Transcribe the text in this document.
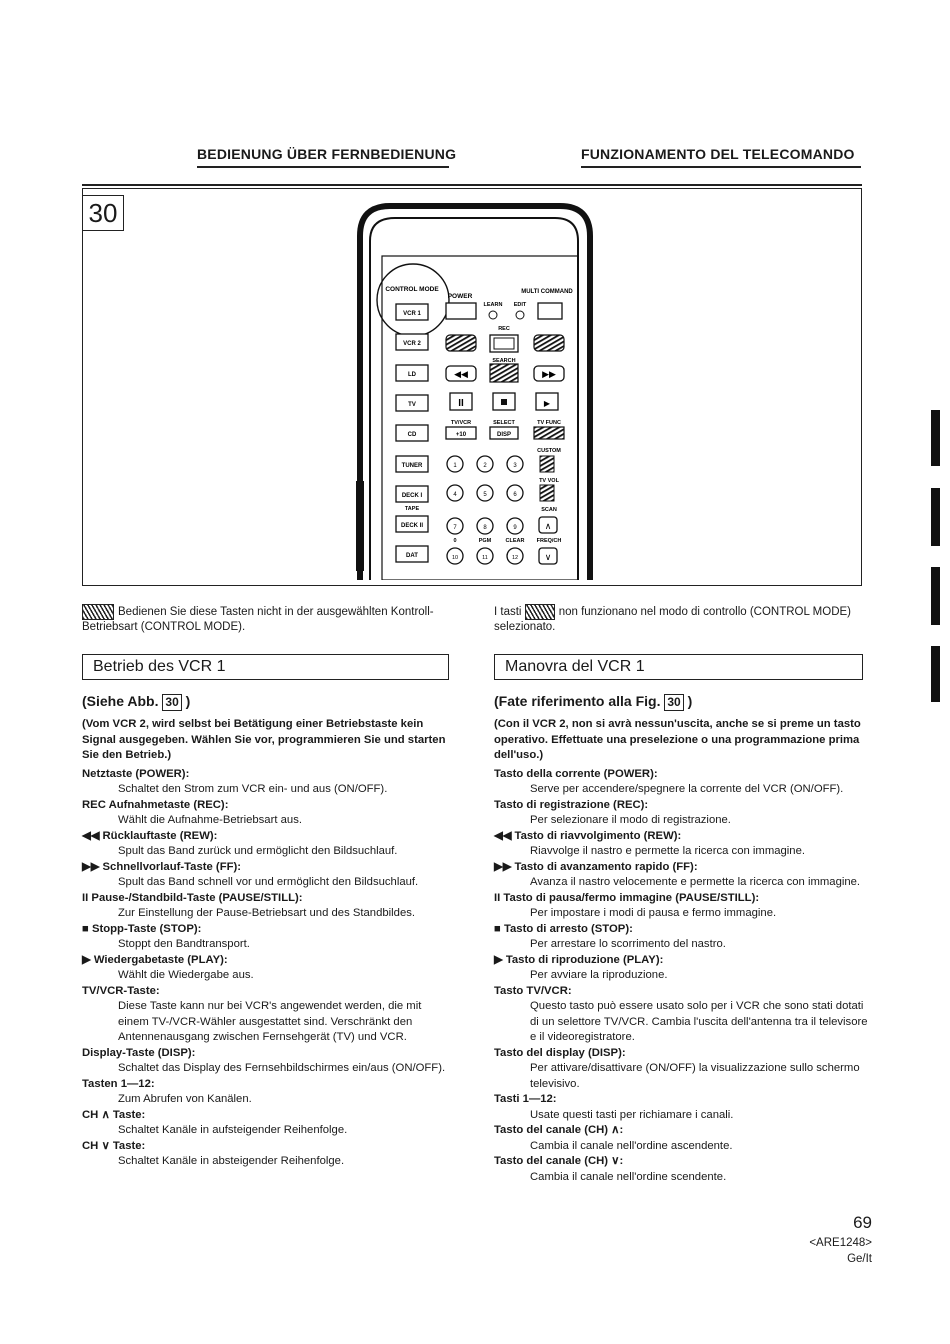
BEDIENUNG ÜBER FERNBEDIENUNG	FUNZIONAMENTO DEL TELECOMANDO
30
CONTROL MODE
POWER
MULTI COMMAND
LEARN EDIT
VCR 1
VCR 2
LD
TV
CD
TUNER
DECK I
TAPE
DECK II
DAT
REC
SEARCH
◀◀	▶▶
II	▶
TV/VCR	SELECT	TV FUNC
+10	DISP
CUSTOM
1	2	3
4	5	6
7	8	9
10	11	12
TV VOL
SCAN
∧
0	PGM	CLEAR FREQ/CH
∨
Bedienen Sie diese Tasten nicht in der ausgewählten Kontroll-Betriebsart (CONTROL MODE).
I tasti	non funzionano nel modo di controllo (CONTROL MODE) selezionato.
Betrieb des VCR 1	Manovra del VCR 1
(Siehe Abb. 30 )
(Vom VCR 2, wird selbst bei Betätigung einer Betriebstaste kein Signal ausgegeben. Wählen Sie vor, programmieren Sie und starten Sie den Betrieb.)
Netztaste (POWER):
Schaltet den Strom zum VCR ein- und aus (ON/OFF).
REC Aufnahmetaste (REC):
Wählt die Aufnahme-Betriebsart aus.
◀◀ Rücklauftaste (REW):
Spult das Band zurück und ermöglicht den Bildsuchlauf.
▶▶ Schnellvorlauf-Taste (FF):
Spult das Band schnell vor und ermöglicht den Bildsuchlauf.
II Pause-/Standbild-Taste (PAUSE/STILL):
Zur Einstellung der Pause-Betriebsart und des Standbildes.
■ Stopp-Taste (STOP):
Stoppt den Bandtransport.
▶ Wiedergabetaste (PLAY):
Wählt die Wiedergabe aus.
TV/VCR-Taste:
Diese Taste kann nur bei VCR's angewendet werden, die mit einem TV-/VCR-Wähler ausgestattet sind. Verschränkt den Antennenausgang zwischen Fernsehgerät (TV) und VCR.
Display-Taste (DISP):
Schaltet das Display des Fernsehbildschirmes ein/aus (ON/OFF).
Tasten 1—12:
Zum Abrufen von Kanälen.
CH ∧ Taste:
Schaltet Kanäle in aufsteigender Reihenfolge.
CH ∨ Taste:
Schaltet Kanäle in absteigender Reihenfolge.
(Fate riferimento alla Fig. 30 )
(Con il VCR 2, non si avrà nessun'uscita, anche se si preme un tasto operativo. Effettuate una preselezione o una programmazione prima dell'uso.)
Tasto della corrente (POWER):
Serve per accendere/spegnere la corrente del VCR (ON/OFF).
Tasto di registrazione (REC):
Per selezionare il modo di registrazione.
◀◀ Tasto di riavvolgimento (REW):
Riavvolge il nastro e permette la ricerca con immagine.
▶▶ Tasto di avanzamento rapido (FF):
Avanza il nastro velocemente e permette la ricerca con immagine.
II Tasto di pausa/fermo immagine (PAUSE/STILL):
Per impostare i modi di pausa e fermo immagine.
■ Tasto di arresto (STOP):
Per arrestare lo scorrimento del nastro.
▶ Tasto di riproduzione (PLAY):
Per avviare la riproduzione.
Tasto TV/VCR:
Questo tasto può essere usato solo per i VCR che sono stati dotati di un selettore TV/VCR. Cambia l'uscita dell'antenna tra il televisore e il videoregistratore.
Tasto del display (DISP):
Per attivare/disattivare (ON/OFF) la visualizzazione sullo schermo televisivo.
Tasti 1—12:
Usate questi tasti per richiamare i canali.
Tasto del canale (CH) ∧:
Cambia il canale nell'ordine ascendente.
Tasto del canale (CH) ∨:
Cambia il canale nell'ordine scendente.
69
<ARE1248>
Ge/It
